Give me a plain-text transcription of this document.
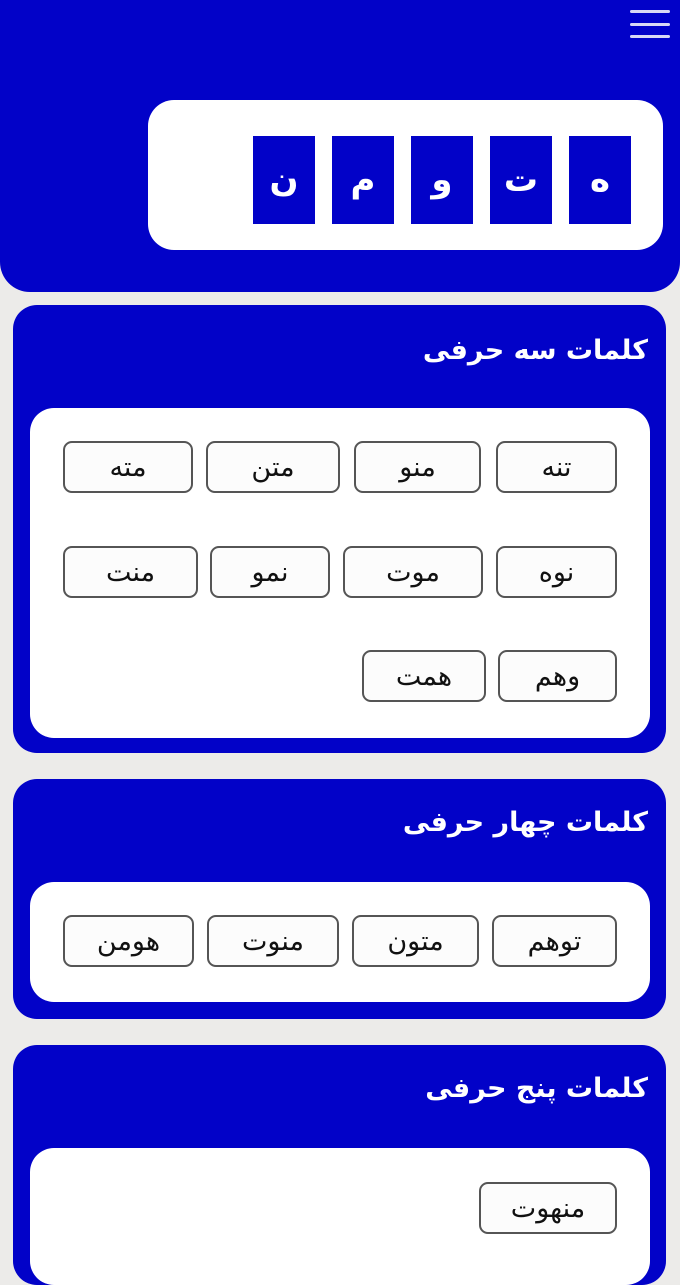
ه
ت
و
م
ن
کلمات سه حرفی
تنه
منو
متن
مته
نوه
موت
نمو
منت
وهم
همت
کلمات چهار حرفی
توهم
متون
منوت
هومن
کلمات پنج حرفی
منهوت
